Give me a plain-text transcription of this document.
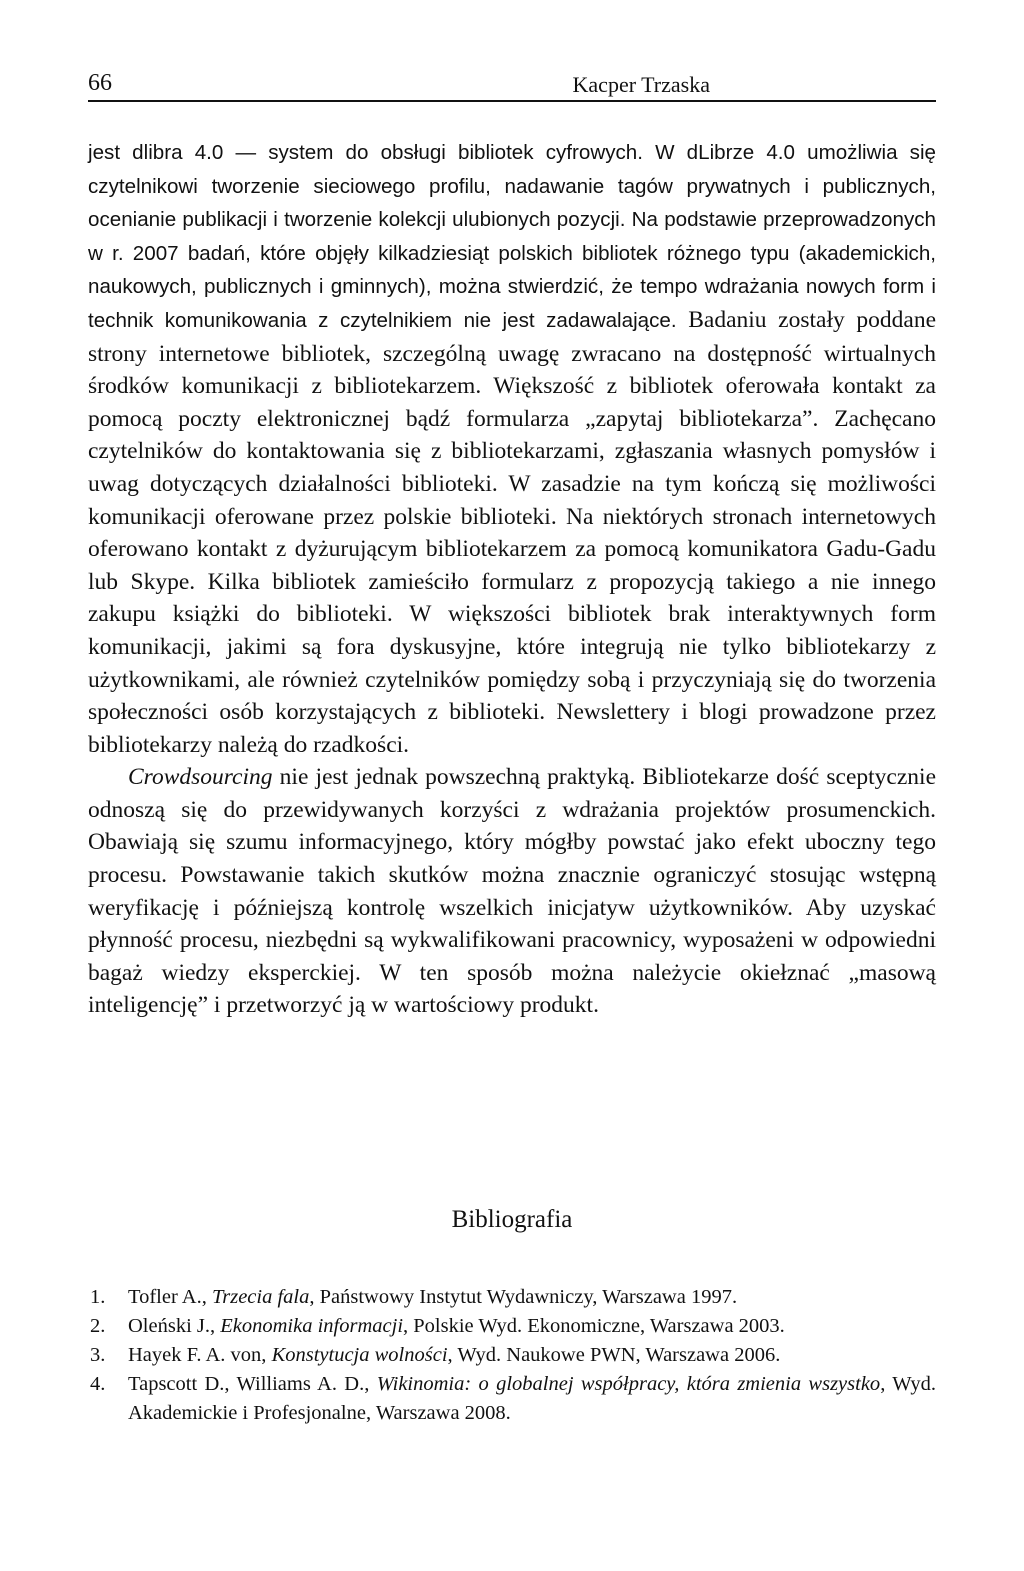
66	Kacper Trzaska

jest dlibra 4.0 — system do obsługi bibliotek cyfrowych. W dLibrze 4.0 umożliwia się czytelnikowi tworzenie sieciowego profilu, nadawanie tagów prywatnych i publicznych, ocenianie publikacji i tworzenie kolekcji ulubionych pozycji. Na podstawie przeprowadzonych w r. 2007 badań, które objęły kilkadziesiąt polskich bibliotek różnego typu (akademickich, naukowych, publicznych i gminnych), można stwierdzić, że tempo wdrażania nowych form i technik komunikowania z czytelnikiem nie jest zadawalające. Badaniu zostały poddane strony internetowe bibliotek, szczególną uwagę zwracano na dostępność wirtualnych środków komunikacji z bibliotekarzem. Większość z bibliotek oferowała kontakt za pomocą poczty elektronicznej bądź formularza „zapytaj bibliotekarza”. Zachęcano czytelników do kontaktowania się z bibliotekarzami, zgłaszania własnych pomysłów i uwag dotyczących działalności biblioteki. W zasadzie na tym kończą się możliwości komunikacji oferowane przez polskie biblioteki. Na niektórych stronach internetowych oferowano kontakt z dyżurującym bibliotekarzem za pomocą komunikatora Gadu-Gadu lub Skype. Kilka bibliotek zamieściło formularz z propozycją takiego a nie innego zakupu książki do biblioteki. W większości bibliotek brak interaktywnych form komunikacji, jakimi są fora dyskusyjne, które integrują nie tylko bibliotekarzy z użytkownikami, ale również czytelników pomiędzy sobą i przyczyniają się do tworzenia społeczności osób korzystających z biblioteki. Newslettery i blogi prowadzone przez bibliotekarzy należą do rzadkości.

Crowdsourcing nie jest jednak powszechną praktyką. Bibliotekarze dość sceptycznie odnoszą się do przewidywanych korzyści z wdrażania projektów prosumenckich. Obawiają się szumu informacyjnego, który mógłby powstać jako efekt uboczny tego procesu. Powstawanie takich skutków można znacznie ograniczyć stosując wstępną weryfikację i późniejszą kontrolę wszelkich inicjatyw użytkowników. Aby uzyskać płynność procesu, niezbędni są wykwalifikowani pracownicy, wyposażeni w odpowiedni bagaż wiedzy eksperckiej. W ten sposób można należycie okiełznać „masową inteligencję” i przetworzyć ją w wartościowy produkt.

Bibliografia
1. Tofler A., Trzecia fala, Państwowy Instytut Wydawniczy, Warszawa 1997.
2. Oleński J., Ekonomika informacji, Polskie Wyd. Ekonomiczne, Warszawa 2003.
3. Hayek F. A. von, Konstytucja wolności, Wyd. Naukowe PWN, Warszawa 2006.
4. Tapscott D., Williams A. D., Wikinomia: o globalnej współpracy, która zmienia wszystko, Wyd. Akademickie i Profesjonalne, Warszawa 2008.
